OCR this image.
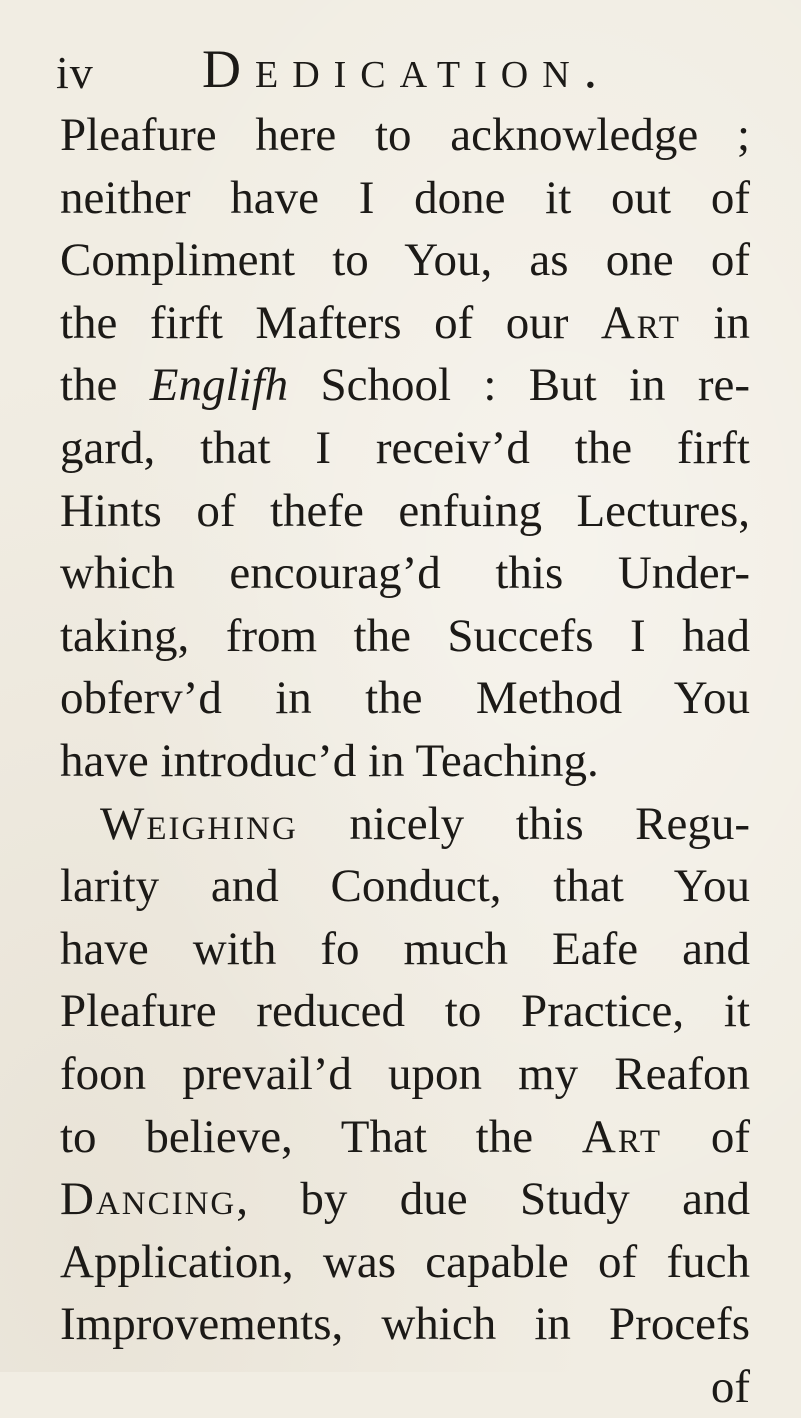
iv Dedication.
Pleafure here to acknowledge ;
neither have I done it out of
Compliment to You, as one of
the firft Mafters of our Art in
the Englifh School : But in re-
gard, that I receiv’d the firft
Hints of thefe enfuing Lectures,
which encourag’d this Under-
taking, from the Succefs I had
obferv’d in the Method You
have introduc’d in Teaching.
Weighing nicely this Regu-
larity and Conduct, that You
have with fo much Eafe and
Pleafure reduced to Practice, it
foon prevail’d upon my Reafon
to believe, That the Art of
Dancing, by due Study and
Application, was capable of fuch
Improvements, which in Procefs
of
